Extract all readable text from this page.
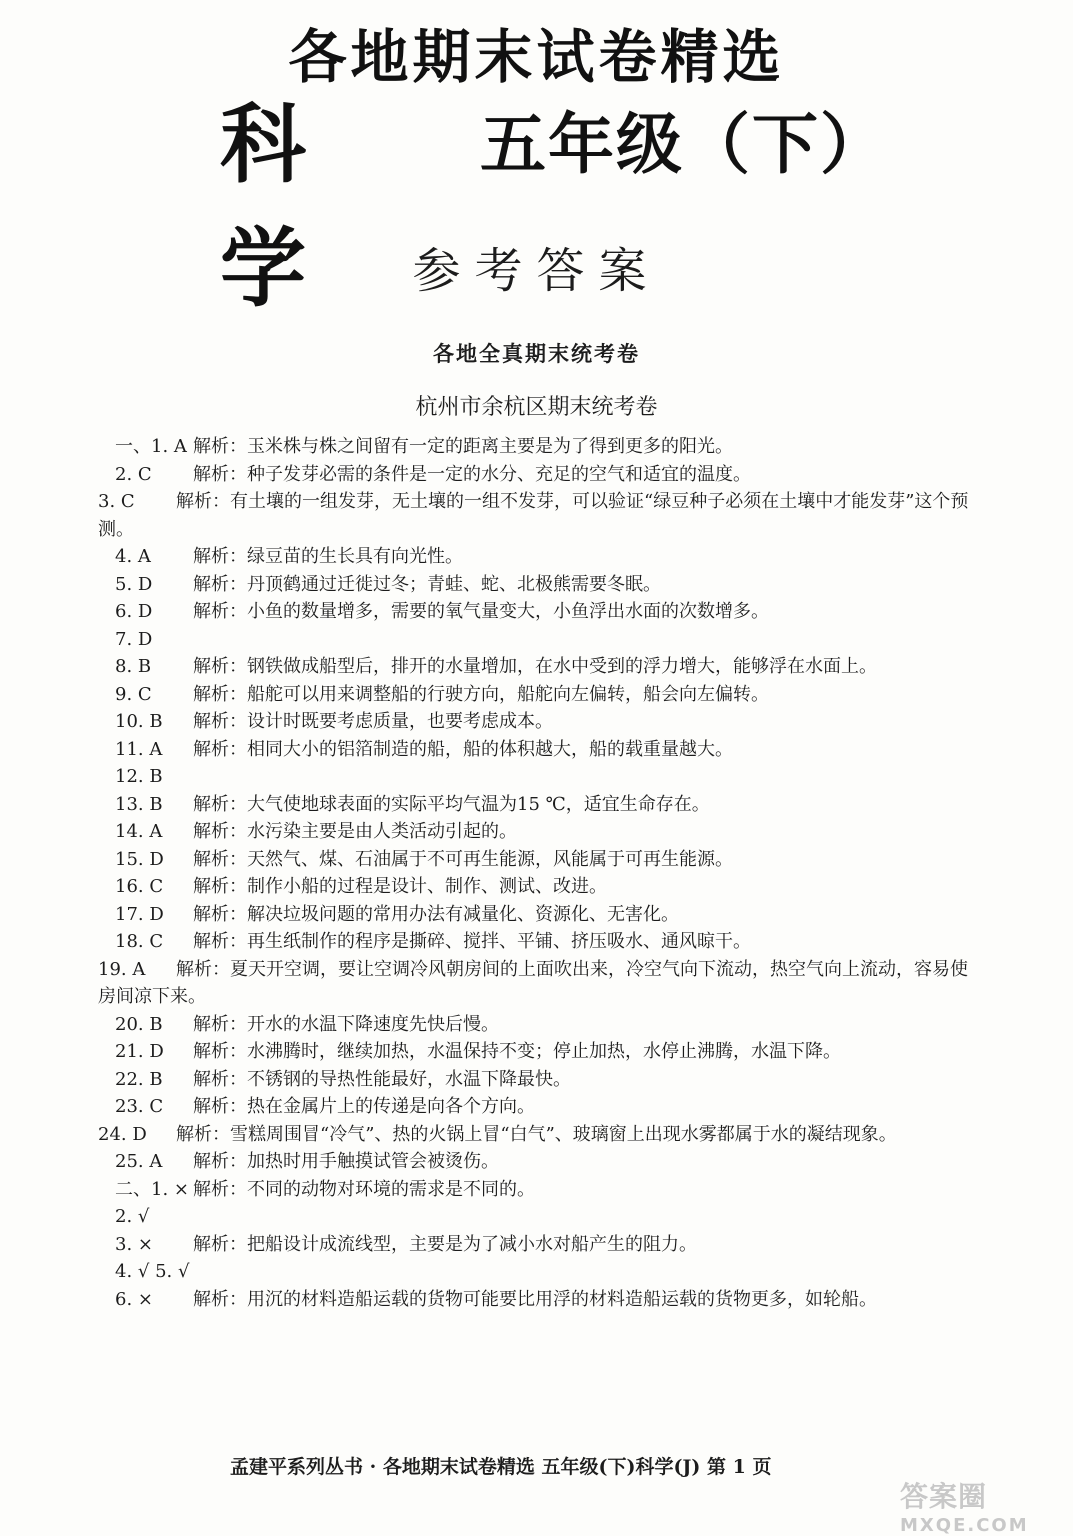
各地期末试卷精选
科学
五年级（下）
参考答案
各地全真期末统考卷
杭州市余杭区期末统考卷
一、1. A 解析：玉米株与株之间留有一定的距离主要是为了得到更多的阳光。
2. C 解析：种子发芽必需的条件是一定的水分、充足的空气和适宜的温度。
3. C 解析：有土壤的一组发芽，无土壤的一组不发芽，可以验证“绿豆种子必须在土壤中才能发芽”这个预测。
4. A 解析：绿豆苗的生长具有向光性。
5. D 解析：丹顶鹤通过迁徙过冬；青蛙、蛇、北极熊需要冬眠。
6. D 解析：小鱼的数量增多，需要的氧气量变大，小鱼浮出水面的次数增多。
7. D
8. B 解析：钢铁做成船型后，排开的水量增加，在水中受到的浮力增大，能够浮在水面上。
9. C 解析：船舵可以用来调整船的行驶方向，船舵向左偏转，船会向左偏转。
10. B 解析：设计时既要考虑质量，也要考虑成本。
11. A 解析：相同大小的铝箔制造的船，船的体积越大，船的载重量越大。
12. B
13. B 解析：大气使地球表面的实际平均气温为15 ℃，适宜生命存在。
14. A 解析：水污染主要是由人类活动引起的。
15. D 解析：天然气、煤、石油属于不可再生能源，风能属于可再生能源。
16. C 解析：制作小船的过程是设计、制作、测试、改进。
17. D 解析：解决垃圾问题的常用办法有减量化、资源化、无害化。
18. C 解析：再生纸制作的程序是撕碎、搅拌、平铺、挤压吸水、通风晾干。
19. A 解析：夏天开空调，要让空调冷风朝房间的上面吹出来，冷空气向下流动，热空气向上流动，容易使房间凉下来。
20. B 解析：开水的水温下降速度先快后慢。
21. D 解析：水沸腾时，继续加热，水温保持不变；停止加热，水停止沸腾，水温下降。
22. B 解析：不锈钢的导热性能最好，水温下降最快。
23. C 解析：热在金属片上的传递是向各个方向。
24. D 解析：雪糕周围冒“冷气”、热的火锅上冒“白气”、玻璃窗上出现水雾都属于水的凝结现象。
25. A 解析：加热时用手触摸试管会被烫伤。
二、1. × 解析：不同的动物对环境的需求是不同的。
2. √
3. × 解析：把船设计成流线型，主要是为了减小水对船产生的阻力。
4. √ 5. √
6. × 解析：用沉的材料造船运载的货物可能要比用浮的材料造船运载的货物更多，如轮船。
孟建平系列丛书 · 各地期末试卷精选 五年级(下)科学(J) 第 1 页
答案圈
MXQE.COM
